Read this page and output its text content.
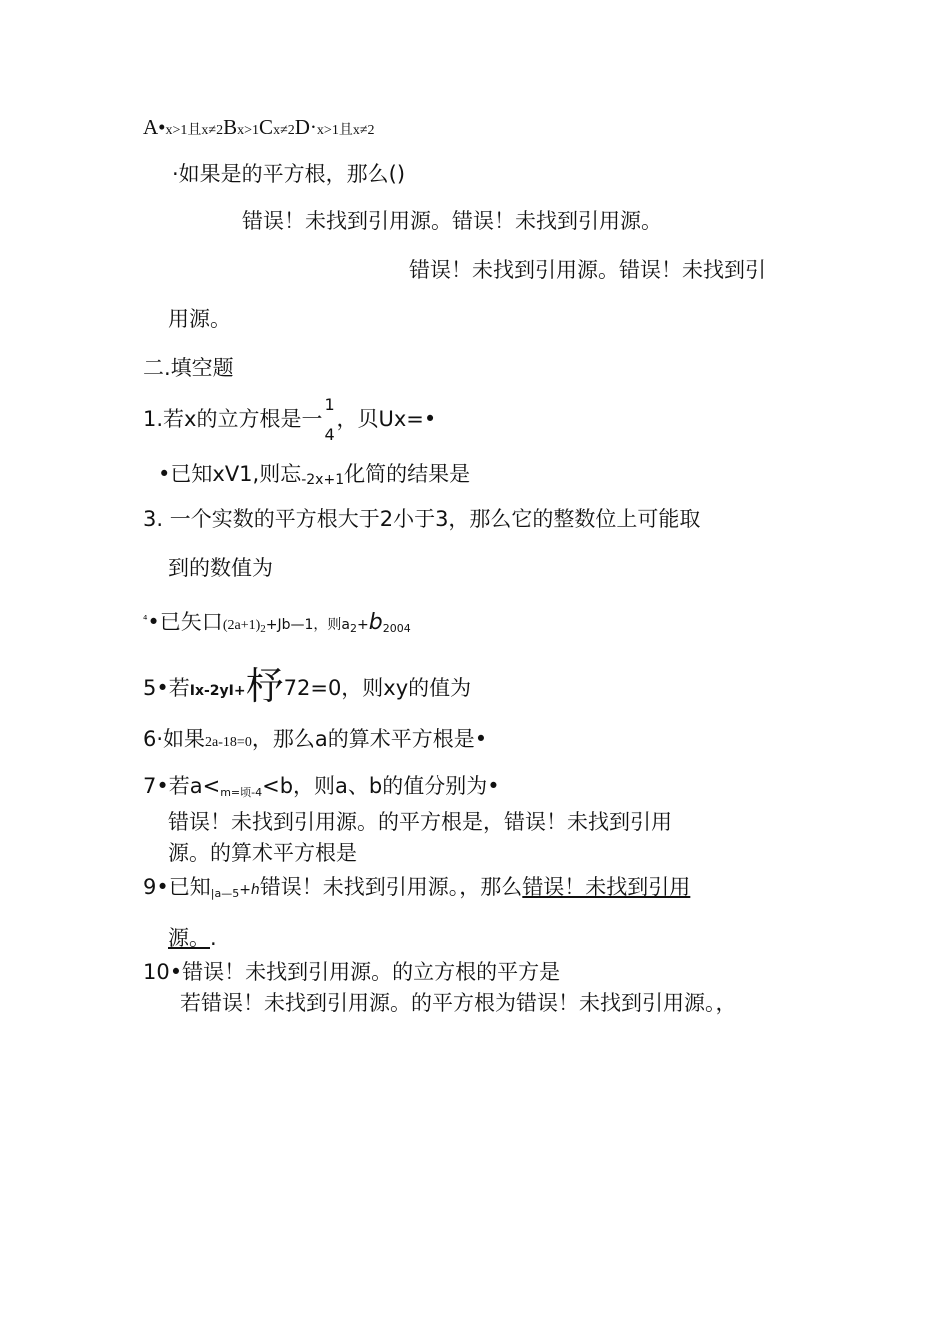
A•x>1且x≠2Bx>1Cx≠2D·x>1且x≠2
·如果是的平方根，那么()
错误！未找到引用源。错误！未找到引用源。
错误！未找到引用源。错误！未找到引
用源。
二.填空题
1.若x的立方根是一
1
4
，贝Ux=•
•已知xV1,则忘-2x+1化简的结果是
3. 一个实数的平方根大于2小于3，那么它的整数位上可能取
到的数值为
$^{^4}$•已矢口(2a+1)2+Jb—1，则a2+b2004
5•若Ix-2yI+杼72=0，则xy的值为
6·如果2a-18=0，那么a的算术平方根是•
7•若a<m=顷-4<b，则a、b的值分别为•
错误！未找到引用源。的平方根是，错误！未找到引用
源。的算术平方根是
9•已知|a—5+h错误！未找到引用源。，那么错误！未找到引用
源。.
10•错误！未找到引用源。的立方根的平方是
若错误！未找到引用源。的平方根为错误！未找到引用源。，
